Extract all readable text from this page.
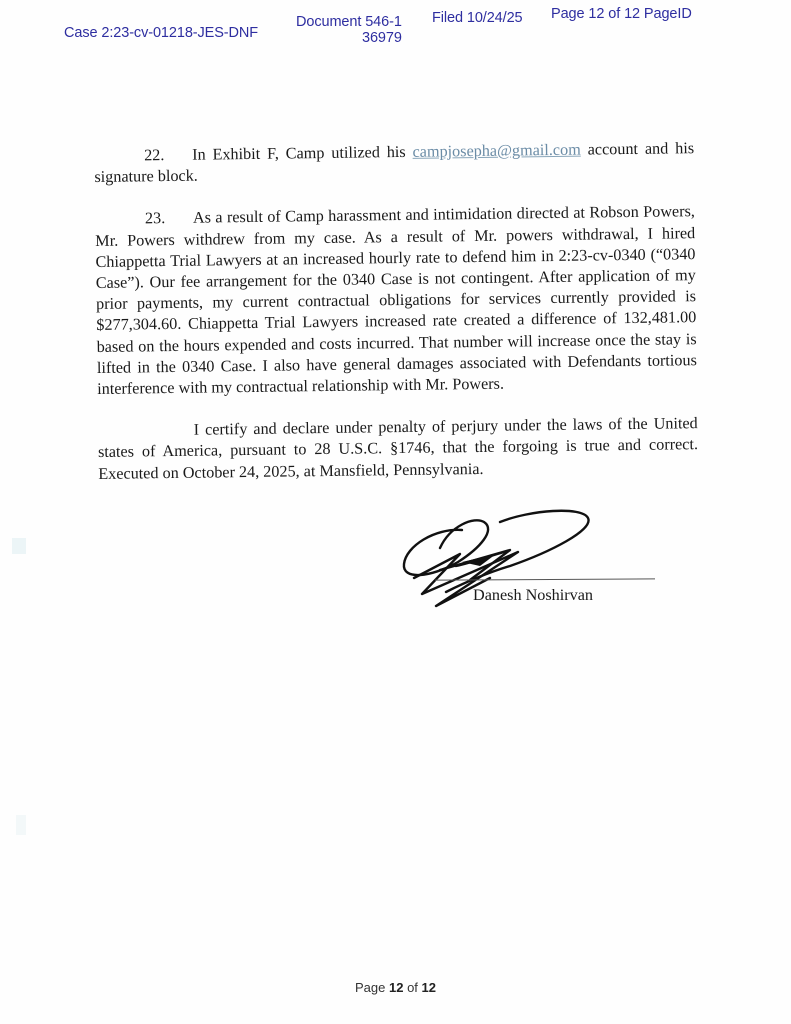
Case 2:23-cv-01218-JES-DNF
Document 546-1
36979
Filed 10/24/25 Page 12 of 12 PageID

22. In Exhibit F, Camp utilized his campjosepha@gmail.com account and his signature block.

23. As a result of Camp harassment and intimidation directed at Robson Powers, Mr. Powers withdrew from my case. As a result of Mr. powers withdrawal, I hired Chiappetta Trial Lawyers at an increased hourly rate to defend him in 2:23-cv-0340 (“0340 Case”). Our fee arrangement for the 0340 Case is not contingent. After application of my prior payments, my current contractual obligations for services currently provided is $277,304.60. Chiappetta Trial Lawyers increased rate created a difference of 132,481.00 based on the hours expended and costs incurred. That number will increase once the stay is lifted in the 0340 Case. I also have general damages associated with Defendants tortious interference with my contractual relationship with Mr. Powers.

I certify and declare under penalty of perjury under the laws of the United states of America, pursuant to 28 U.S.C. §1746, that the forgoing is true and correct. Executed on October 24, 2025, at Mansfield, Pennsylvania.

Danesh Noshirvan
Page 12 of 12
